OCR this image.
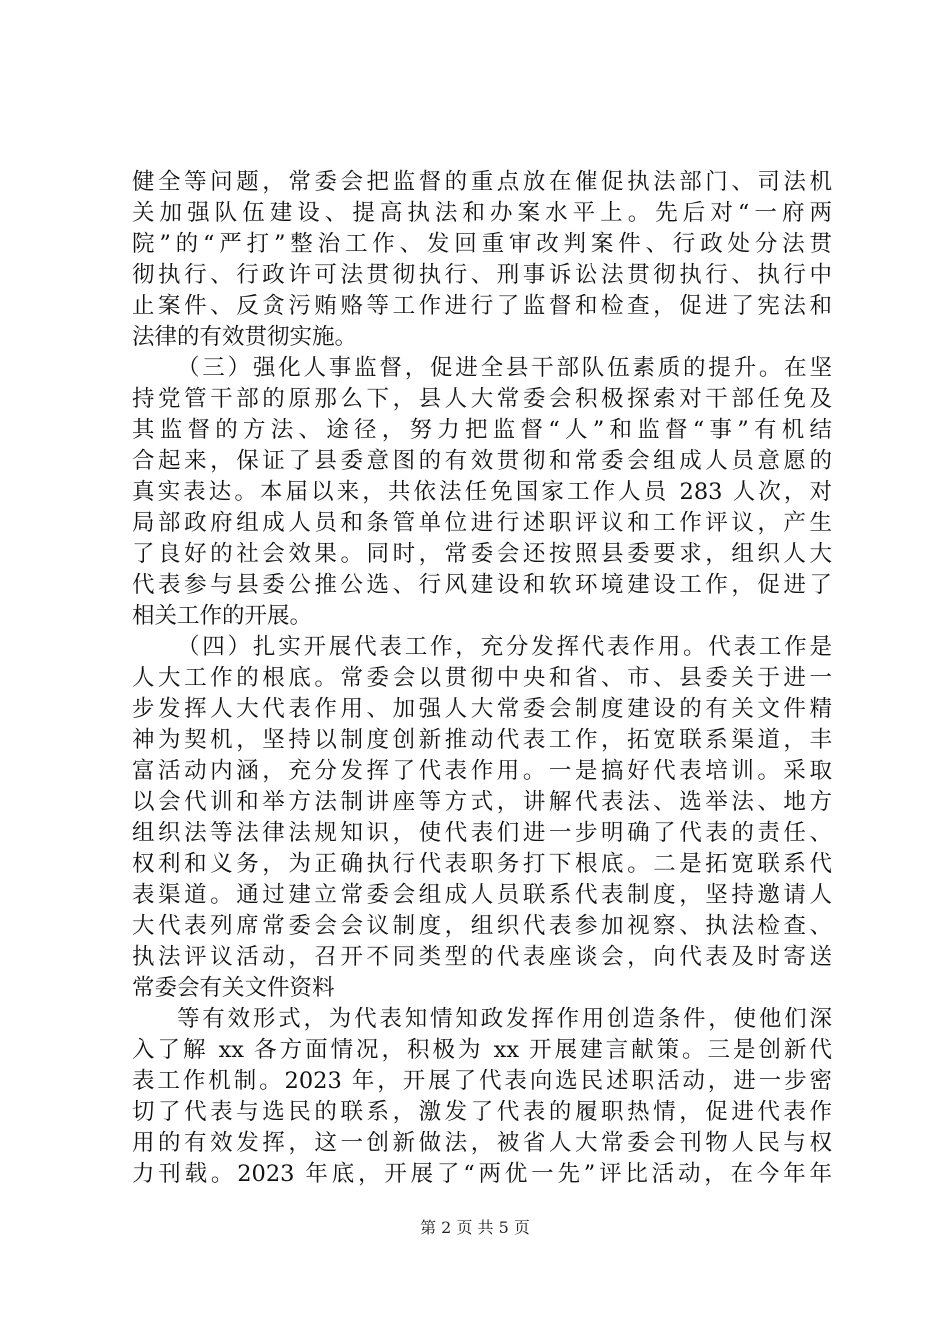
健全等问题，常委会把监督的重点放在催促执法部门、司法机
关加强队伍建设、提高执法和办案水平上。先后对“一府两
院”的“严打”整治工作、发回重审改判案件、行政处分法贯
彻执行、行政许可法贯彻执行、刑事诉讼法贯彻执行、执行中
止案件、反贪污贿赂等工作进行了监督和检查，促进了宪法和
法律的有效贯彻实施。
（三）强化人事监督，促进全县干部队伍素质的提升。在坚
持党管干部的原那么下，县人大常委会积极探索对干部任免及
其监督的方法、途径，努力把监督“人”和监督“事”有机结
合起来，保证了县委意图的有效贯彻和常委会组成人员意愿的
真实表达。本届以来，共依法任免国家工作人员 283 人次，对
局部政府组成人员和条管单位进行述职评议和工作评议，产生
了良好的社会效果。同时，常委会还按照县委要求，组织人大
代表参与县委公推公选、行风建设和软环境建设工作，促进了
相关工作的开展。
（四）扎实开展代表工作，充分发挥代表作用。代表工作是
人大工作的根底。常委会以贯彻中央和省、市、县委关于进一
步发挥人大代表作用、加强人大常委会制度建设的有关文件精
神为契机，坚持以制度创新推动代表工作，拓宽联系渠道，丰
富活动内涵，充分发挥了代表作用。一是搞好代表培训。采取
以会代训和举方法制讲座等方式，讲解代表法、选举法、地方
组织法等法律法规知识，使代表们进一步明确了代表的责任、
权利和义务，为正确执行代表职务打下根底。二是拓宽联系代
表渠道。通过建立常委会组成人员联系代表制度，坚持邀请人
大代表列席常委会会议制度，组织代表参加视察、执法检查、
执法评议活动，召开不同类型的代表座谈会，向代表及时寄送
常委会有关文件资料
等有效形式，为代表知情知政发挥作用创造条件，使他们深
入了解 xx 各方面情况，积极为 xx 开展建言献策。三是创新代
表工作机制。2023 年，开展了代表向选民述职活动，进一步密
切了代表与选民的联系，激发了代表的履职热情，促进代表作
用的有效发挥，这一创新做法，被省人大常委会刊物人民与权
力刊载。2023 年底，开展了“两优一先”评比活动，在今年年
第 2 页 共 5 页
